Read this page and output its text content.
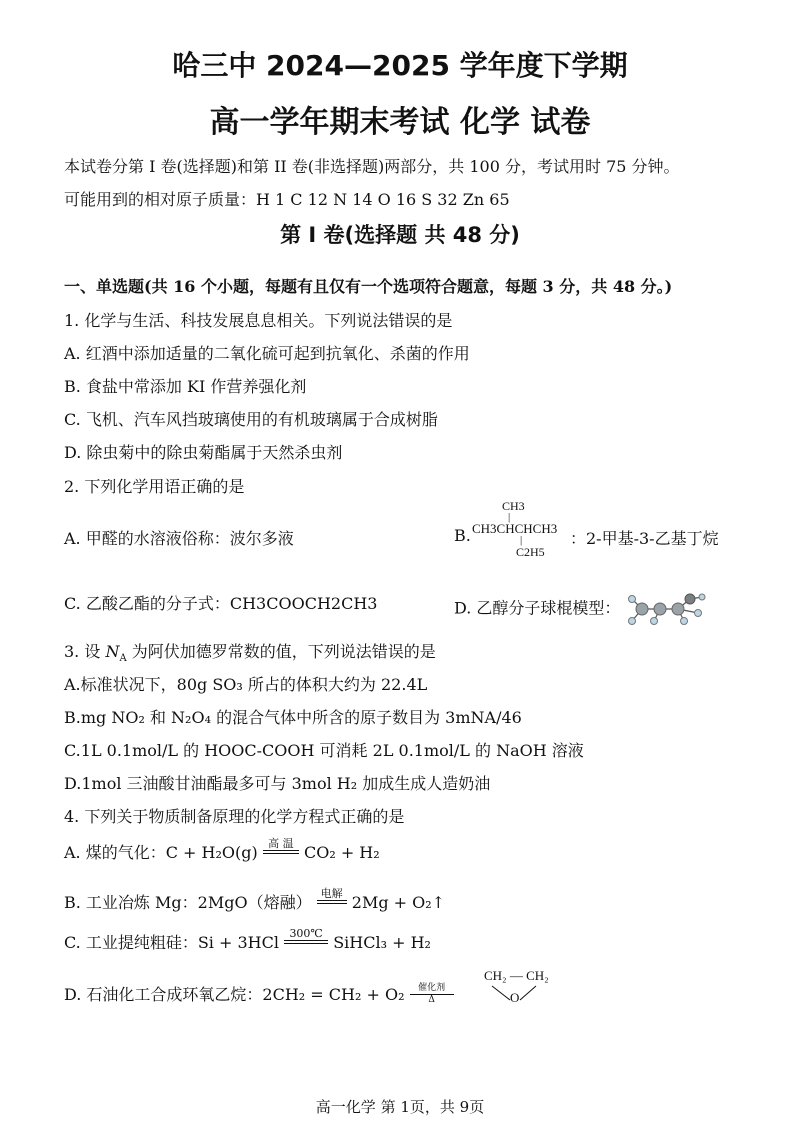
哈三中 2024—2025 学年度下学期
高一学年期末考试 化学 试卷
本试卷分第 I 卷(选择题)和第 II 卷(非选择题)两部分，共 100 分，考试用时 75 分钟。
可能用到的相对原子质量：H 1 C 12 N 14 O 16 S 32 Zn 65
第 I 卷(选择题 共 48 分)
一、单选题(共 16 个小题，每题有且仅有一个选项符合题意，每题 3 分，共 48 分。)
1. 化学与生活、科技发展息息相关。下列说法错误的是
A. 红酒中添加适量的二氧化硫可起到抗氧化、杀菌的作用
B. 食盐中常添加 KI 作营养强化剂
C. 飞机、汽车风挡玻璃使用的有机玻璃属于合成树脂
D. 除虫菊中的除虫菊酯属于天然杀虫剂
2. 下列化学用语正确的是
A. 甲醛的水溶液俗称：波尔多液	B.
CH3
|
CH3CHCHCH3
|
C2H5
：2-甲基-3-乙基丁烷
C. 乙酸乙酯的分子式：CH3COOCH2CH3	D. 乙醇分子球棍模型：
3. 设 $N_A$ 为阿伏加德罗常数的值，下列说法错误的是
A.标准状况下，80g SO₃ 所占的体积大约为 22.4L
B.mg NO₂ 和 N₂O₄ 的混合气体中所含的原子数目为 3mNA/46
C.1L 0.1mol/L 的 HOOC-COOH 可消耗 2L 0.1mol/L 的 NaOH 溶液
D.1mol 三油酸甘油酯最多可与 3mol H₂ 加成生成人造奶油
4. 下列关于物质制备原理的化学方程式正确的是
A. 煤的气化：C + H₂O(g) 高 温 CO₂ + H₂
B. 工业冶炼 Mg：2MgO（熔融） 电解 2Mg + O₂↑
C. 工业提纯粗硅：Si + 3HCl 300℃ SiHCl₃ + H₂
D. 石油化工合成环氧乙烷：2CH₂ = CH₂ + O₂	催化剂
Δ
CH₂ — CH₂
O
高一化学 第 1页，共 9页
